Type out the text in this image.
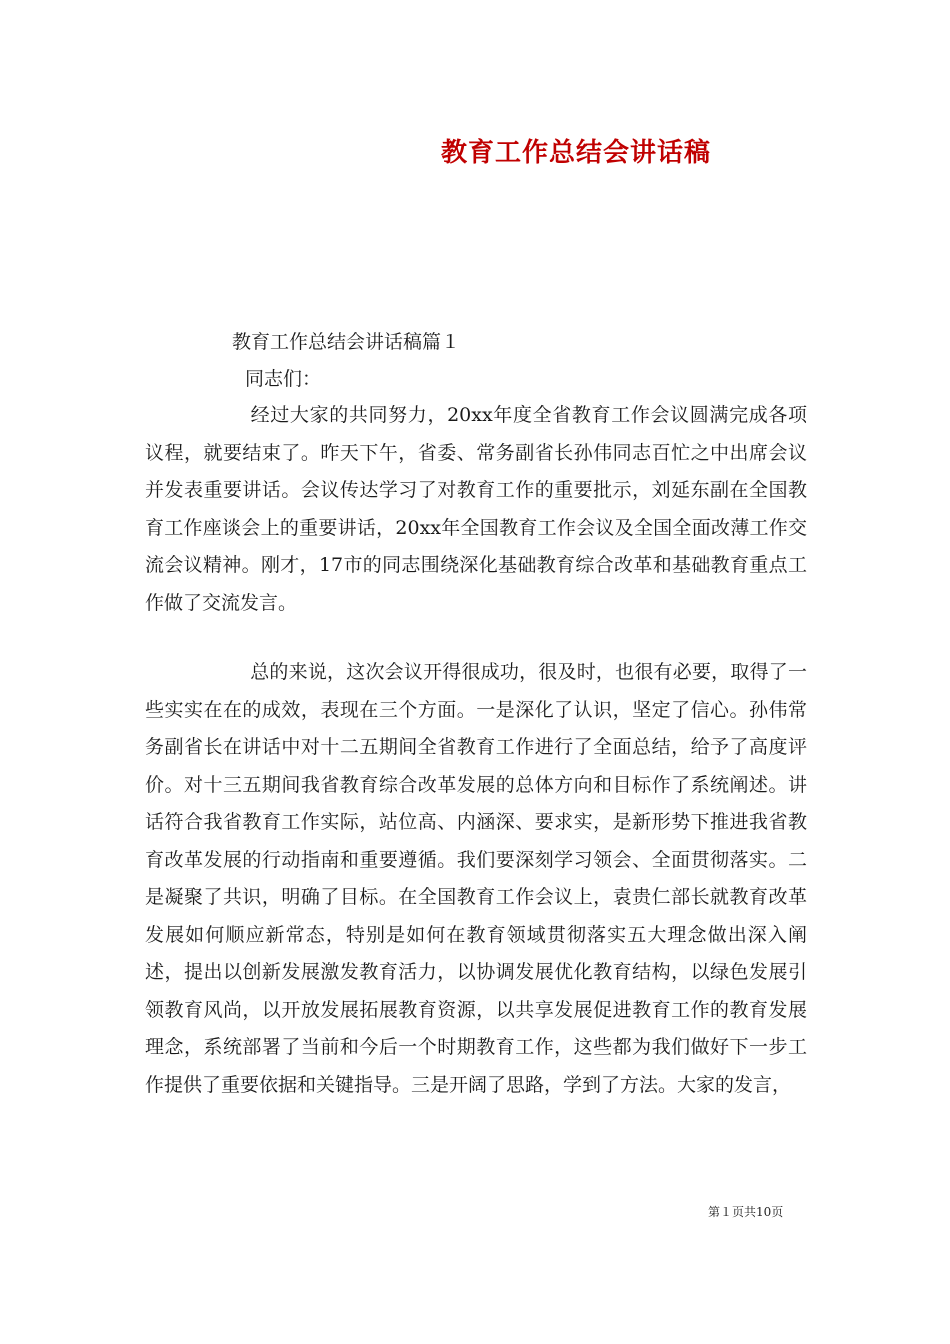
教育工作总结会讲话稿
教育工作总结会讲话稿篇１
同志们：

经过大家的共同努力，20xx年度全省教育工作会议圆满完成各项议程，就要结束了。昨天下午，省委、常务副省长孙伟同志百忙之中出席会议并发表重要讲话。会议传达学习了对教育工作的重要批示，刘延东副在全国教育工作座谈会上的重要讲话，20xx年全国教育工作会议及全国全面改薄工作交流会议精神。刚才，17市的同志围绕深化基础教育综合改革和基础教育重点工作做了交流发言。

总的来说，这次会议开得很成功，很及时，也很有必要，取得了一些实实在在的成效，表现在三个方面。一是深化了认识，坚定了信心。孙伟常务副省长在讲话中对十二五期间全省教育工作进行了全面总结，给予了高度评价。对十三五期间我省教育综合改革发展的总体方向和目标作了系统阐述。讲话符合我省教育工作实际，站位高、内涵深、要求实，是新形势下推进我省教育改革发展的行动指南和重要遵循。我们要深刻学习领会、全面贯彻落实。二是凝聚了共识，明确了目标。在全国教育工作会议上，袁贵仁部长就教育改革发展如何顺应新常态，特别是如何在教育领域贯彻落实五大理念做出深入阐述，提出以创新发展激发教育活力，以协调发展优化教育结构，以绿色发展引领教育风尚，以开放发展拓展教育资源，以共享发展促进教育工作的教育发展理念，系统部署了当前和今后一个时期教育工作，这些都为我们做好下一步工作提供了重要依据和关键指导。三是开阔了思路，学到了方法。大家的发言，

第１页共10页
